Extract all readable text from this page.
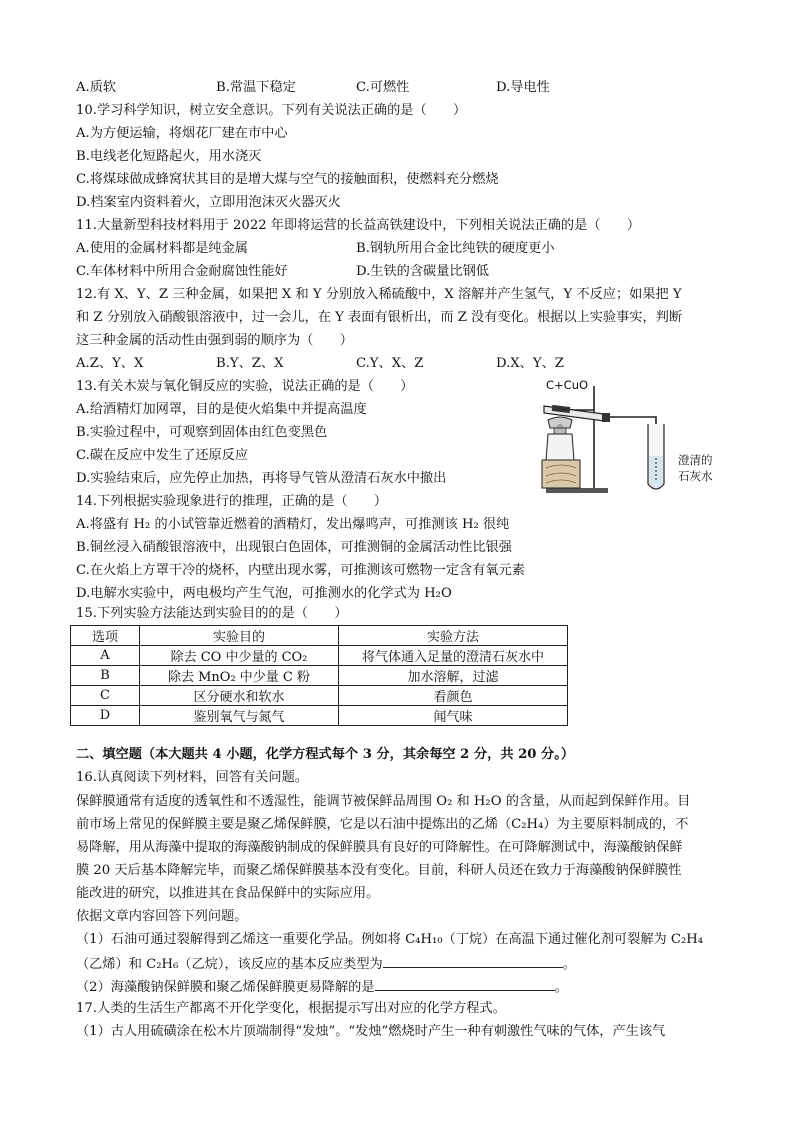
A.质软	B.常温下稳定	C.可燃性	D.导电性
10.学习科学知识，树立安全意识。下列有关说法正确的是（　　）
A.为方便运输，将烟花厂建在市中心
B.电线老化短路起火，用水浇灭
C.将煤球做成蜂窝状其目的是增大煤与空气的接触面积，使燃料充分燃烧
D.档案室内资料着火，立即用泡沫灭火器灭火
11.大量新型科技材料用于 2022 年即将运营的长益高铁建设中，下列相关说法正确的是（　　）
A.使用的金属材料都是纯金属	B.钢轨所用合金比纯铁的硬度更小
C.车体材料中所用合金耐腐蚀性能好	D.生铁的含碳量比钢低
12.有 X、Y、Z 三种金属，如果把 X 和 Y 分别放入稀硫酸中，X 溶解并产生氢气，Y 不反应；如果把 Y
和 Z 分别放入硝酸银溶液中，过一会儿，在 Y 表面有银析出，而 Z 没有变化。根据以上实验事实，判断
这三种金属的活动性由强到弱的顺序为（　　）
A.Z、Y、X	B.Y、Z、X	C.Y、X、Z	D.X、Y、Z
13.有关木炭与氧化铜反应的实验，说法正确的是（　　）
A.给酒精灯加网罩，目的是使火焰集中并提高温度
B.实验过程中，可观察到固体由红色变黑色
C.碳在反应中发生了还原反应
D.实验结束后，应先停止加热，再将导气管从澄清石灰水中撤出
C+CuO
澄清的
石灰水
14.下列根据实验现象进行的推理，正确的是（　　）
A.将盛有 H₂ 的小试管靠近燃着的酒精灯，发出爆鸣声，可推测该 H₂ 很纯
B.铜丝浸入硝酸银溶液中，出现银白色固体，可推测铜的金属活动性比银强
C.在火焰上方罩干冷的烧杯，内壁出现水雾，可推测该可燃物一定含有氧元素
D.电解水实验中，两电极均产生气泡，可推测水的化学式为 H₂O
15.下列实验方法能达到实验目的的是（　　）
选项	实验目的	实验方法
A	除去 CO 中少量的 CO₂	将气体通入足量的澄清石灰水中
B	除去 MnO₂ 中少量 C 粉	加水溶解，过滤
C	区分硬水和软水	看颜色
D	鉴别氧气与氮气	闻气味
二、填空题（本大题共 4 小题，化学方程式每个 3 分，其余每空 2 分，共 20 分。）
16.认真阅读下列材料，回答有关问题。
保鲜膜通常有适度的透氧性和不透湿性，能调节被保鲜品周围 O₂ 和 H₂O 的含量，从而起到保鲜作用。目
前市场上常见的保鲜膜主要是聚乙烯保鲜膜，它是以石油中提炼出的乙烯（C₂H₄）为主要原料制成的，不
易降解，用从海藻中提取的海藻酸钠制成的保鲜膜具有良好的可降解性。在可降解测试中，海藻酸钠保鲜
膜 20 天后基本降解完毕，而聚乙烯保鲜膜基本没有变化。目前，科研人员还在致力于海藻酸钠保鲜膜性
能改进的研究，以推进其在食品保鲜中的实际应用。
依据文章内容回答下列问题。
（1）石油可通过裂解得到乙烯这一重要化学品。例如将 C₄H₁₀（丁烷）在高温下通过催化剂可裂解为 C₂H₄
（乙烯）和 C₂H₆（乙烷），该反应的基本反应类型为	。
（2）海藻酸钠保鲜膜和聚乙烯保鲜膜更易降解的是	。
17.人类的生活生产都离不开化学变化，根据提示写出对应的化学方程式。
（1）古人用硫磺涂在松木片顶端制得“发烛”。“发烛”燃烧时产生一种有刺激性气味的气体，产生该气
